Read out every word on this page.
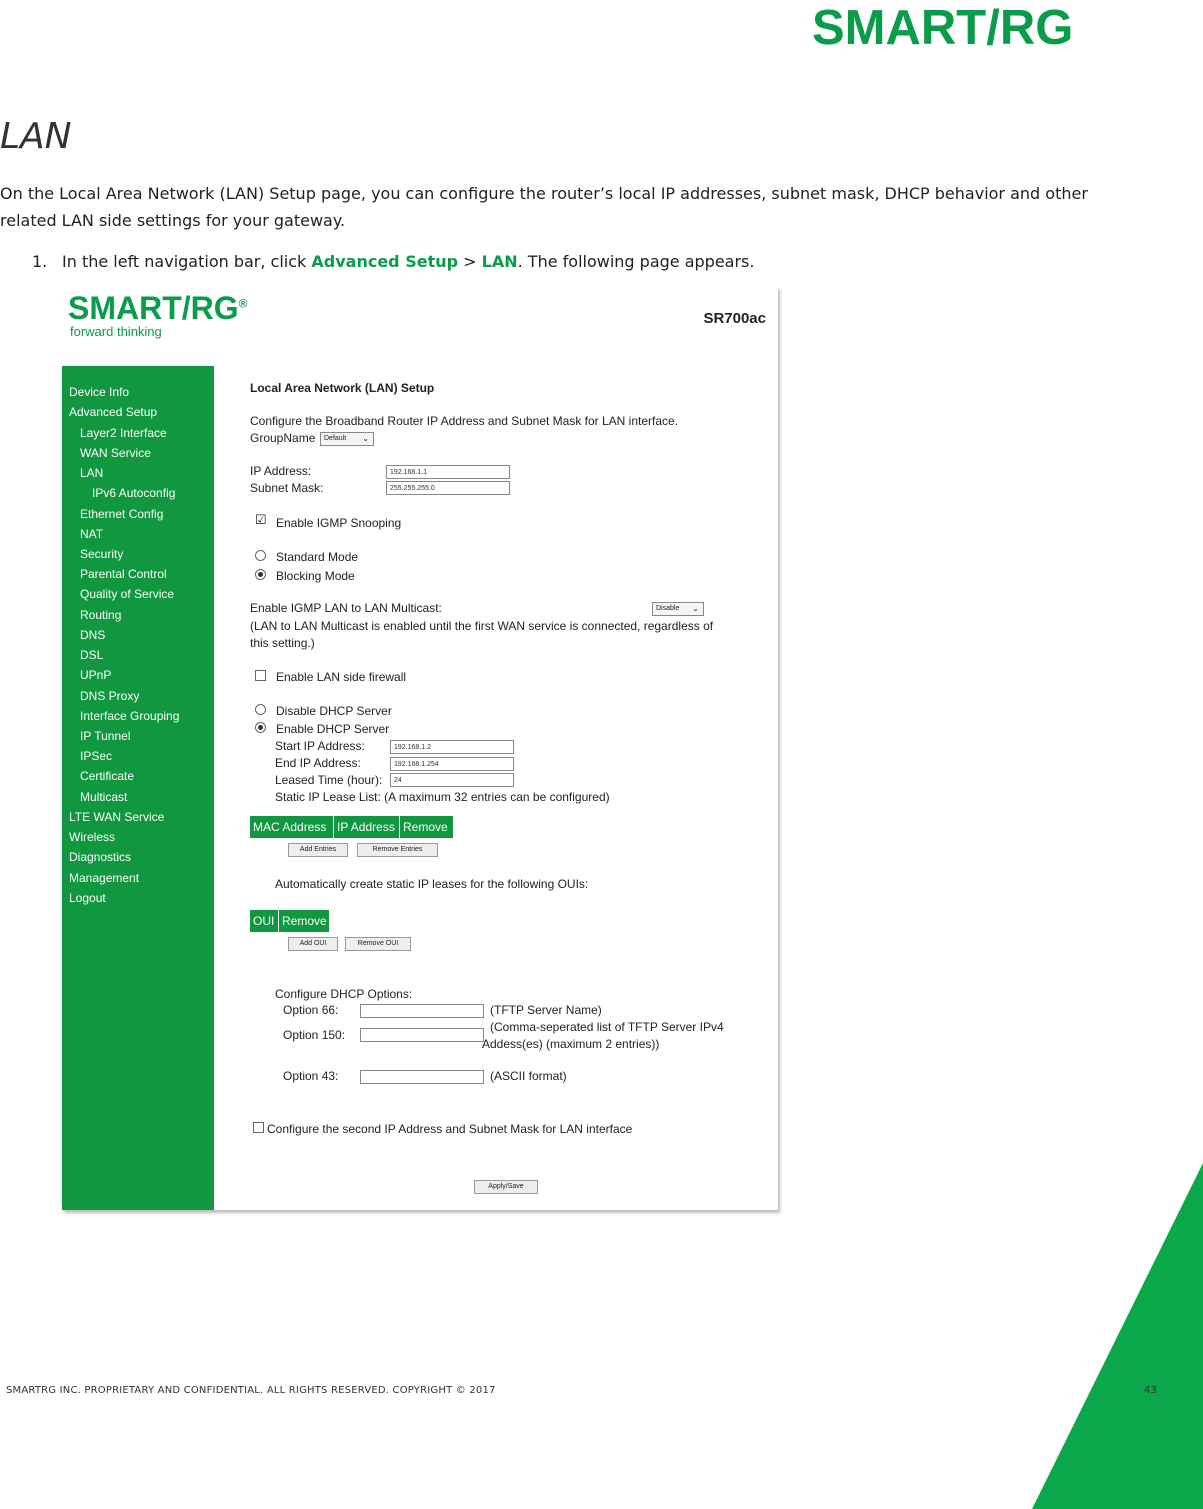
SMART/RG
LAN
On the Local Area Network (LAN) Setup page, you can configure the router’s local IP addresses, subnet mask, DHCP behavior and other related LAN side settings for your gateway.
1. In the left navigation bar, click Advanced Setup > LAN. The following page appears.
SMART/RG®
forward thinking
SR700ac
Device Info
Advanced Setup
Layer2 Interface
WAN Service
LAN
IPv6 Autoconfig
Ethernet Config
NAT
Security
Parental Control
Quality of Service
Routing
DNS
DSL
UPnP
DNS Proxy
Interface Grouping
IP Tunnel
IPSec
Certificate
Multicast
LTE WAN Service
Wireless
Diagnostics
Management
Logout
Local Area Network (LAN) Setup
Configure the Broadband Router IP Address and Subnet Mask for LAN interface.
GroupName	Default ⌄
IP Address:	192.168.1.1
Subnet Mask:	255.255.255.0
☑ Enable IGMP Snooping
Standard Mode
Blocking Mode
Enable IGMP LAN to LAN Multicast:	Disable ⌄
(LAN to LAN Multicast is enabled until the first WAN service is connected, regardless of
this setting.)
Enable LAN side firewall
Disable DHCP Server
Enable DHCP Server
Start IP Address:	192.168.1.2
End IP Address:	192.168.1.254
Leased Time (hour):	24
Static IP Lease List: (A maximum 32 entries can be configured)
MAC Address IP Address Remove
Add Entries	Remove Entries
Automatically create static IP leases for the following OUIs:
OUI Remove
Add OUI	Remove OUI
Configure DHCP Options:
Option 66:	(TFTP Server Name)
Option 150:
(Comma-seperated list of TFTP Server IPv4
Addess(es) (maximum 2 entries))
Option 43:	(ASCII format)
Configure the second IP Address and Subnet Mask for LAN interface
Apply/Save
SMARTRG INC. PROPRIETARY AND CONFIDENTIAL. ALL RIGHTS RESERVED. COPYRIGHT © 2017	43
